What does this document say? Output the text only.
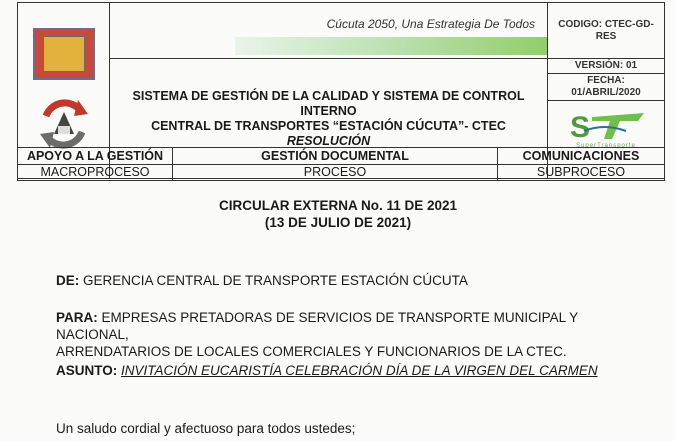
Cúcuta 2050, Una Estrategia De Todos	CODIGO: CTEC-GD-RES

	SISTEMA DE GESTIÓN DE LA CALIDAD Y SISTEMA DE CONTROL
INTERNO
CENTRAL DE TRANSPORTES “ESTACIÓN CÚCUTA”- CTEC
RESOLUCIÓN	VERSIÓN: 01

		FECHA:
01/ABRIL/2020
S
SuperTransporte
APOYO A LA GESTIÓN	GESTIÓN DOCUMENTAL	COMUNICACIONES
MACROPROCESO	PROCESO	SUBPROCESO
CIRCULAR EXTERNA No. 11 DE 2021
(13 DE JULIO DE 2021)
DE: GERENCIA CENTRAL DE TRANSPORTE ESTACIÓN CÚCUTA
PARA: EMPRESAS PRETADORAS DE SERVICIOS DE TRANSPORTE MUNICIPAL Y NACIONAL,
ARRENDATARIOS DE LOCALES COMERCIALES Y FUNCIONARIOS DE LA CTEC.
ASUNTO: INVITACIÓN EUCARISTÍA CELEBRACIÓN DÍA DE LA VIRGEN DEL CARMEN
Un saludo cordial y afectuoso para todos ustedes;
